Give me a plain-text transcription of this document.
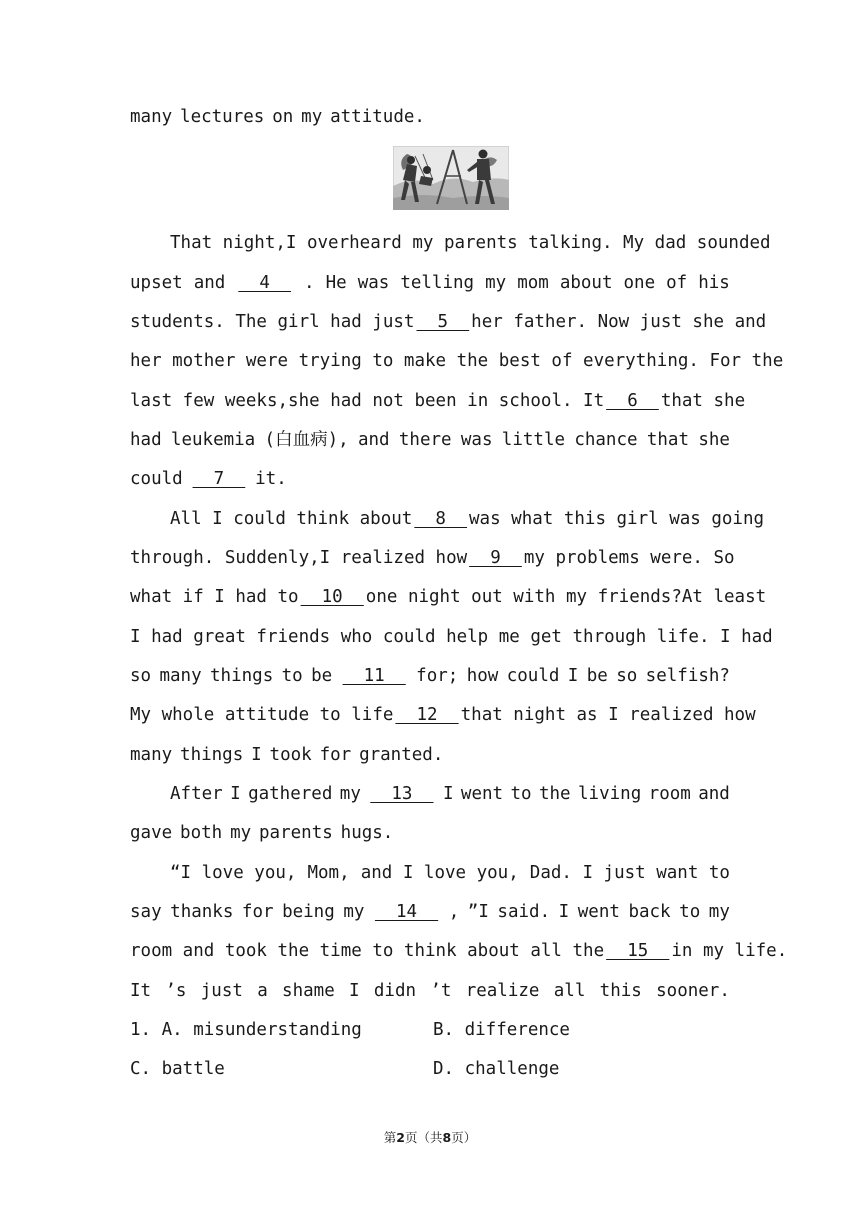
many lectures on my attitude.
That night, I overheard my parents talking. My dad sounded
upset and 4 . He was telling my mom about one of his
students. The girl had just 5 her father. Now just she and
her mother were trying to make the best of everything. For the
last few weeks, she had not been in school. It 6 that she
had leukemia (白血病), and there was little chance that she
could 7 it.
All I could think about 8 was what this girl was going
through. Suddenly, I realized how 9 my problems were. So
what if I had to 10 one night out with my friends? At least
I had great friends who could help me get through life. I had
so many things to be 11 for; how could I be so selfish?
My whole attitude to life 12 that night as I realized how
many things I took for granted.
After I gathered my 13 I went to the living room and
gave both my parents hugs.
“I love you, Mom, and I love you, Dad. I just want to
say thanks for being my 14 , ”I said. I went back to my
room and took the time to think about all the 15 in my life.
It ’s just a shame I didn ’t realize all this sooner.
1. A. misunderstanding	B. difference
C. battle	D. challenge
第2页（共8页）
